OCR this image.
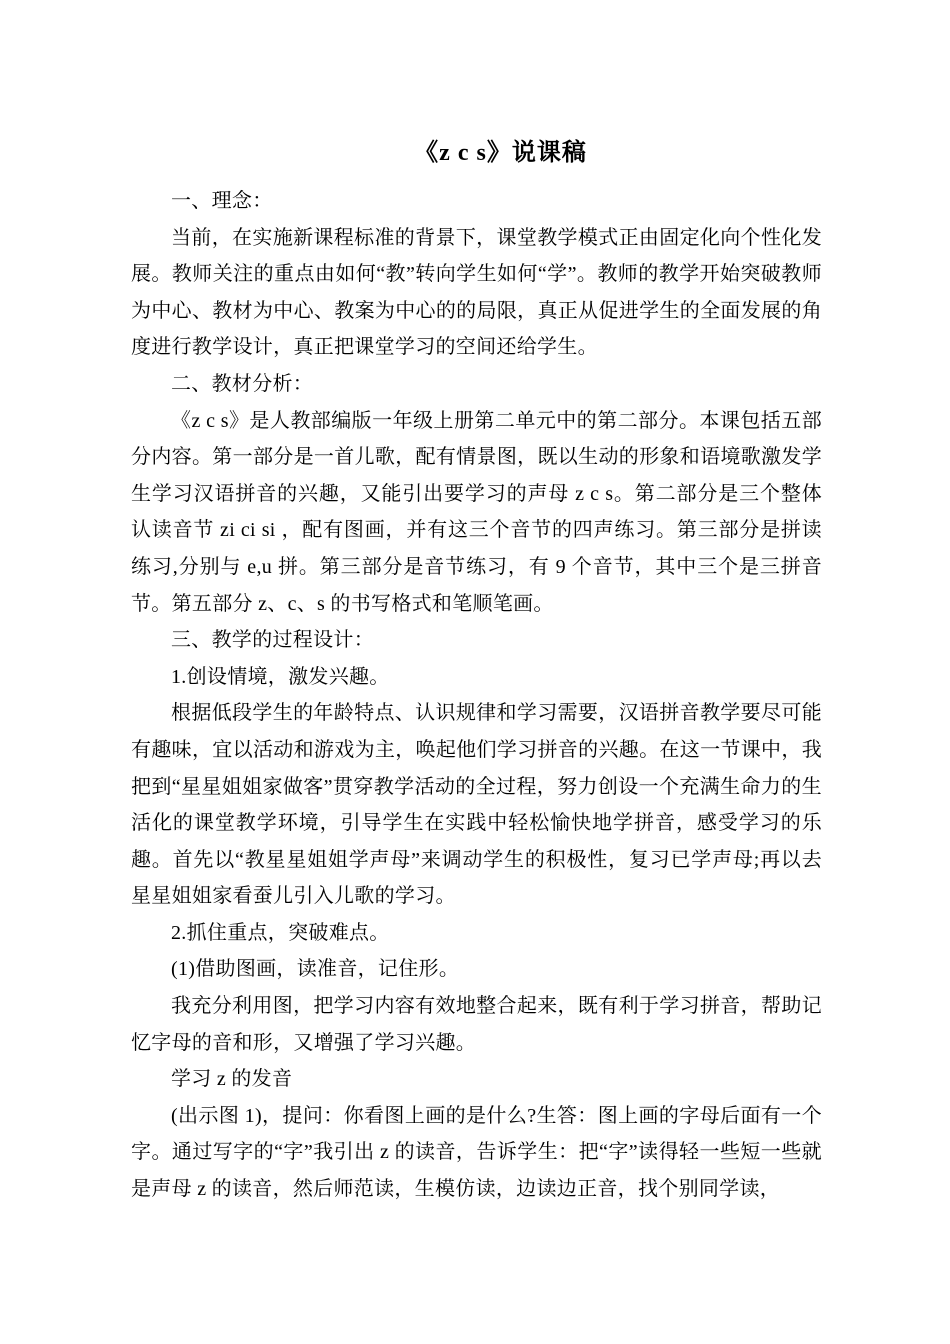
《z c s》说课稿

一、理念：

当前，在实施新课程标准的背景下，课堂教学模式正由固定化向个性化发展。教师关注的重点由如何“教”转向学生如何“学”。教师的教学开始突破教师为中心、教材为中心、教案为中心的的局限，真正从促进学生的全面发展的角度进行教学设计，真正把课堂学习的空间还给学生。

二、教材分析：

《z c s》是人教部编版一年级上册第二单元中的第二部分。本课包括五部分内容。第一部分是一首儿歌，配有情景图，既以生动的形象和语境歌激发学生学习汉语拼音的兴趣，又能引出要学习的声母 z c s。第二部分是三个整体认读音节 zi ci si ，配有图画，并有这三个音节的四声练习。第三部分是拼读练习,分别与 e,u 拼。第三部分是音节练习，有 9 个音节，其中三个是三拼音节。第五部分 z、c、s 的书写格式和笔顺笔画。

三、教学的过程设计：

1.创设情境，激发兴趣。

根据低段学生的年龄特点、认识规律和学习需要，汉语拼音教学要尽可能有趣味，宜以活动和游戏为主，唤起他们学习拼音的兴趣。在这一节课中，我把到“星星姐姐家做客”贯穿教学活动的全过程，努力创设一个充满生命力的生活化的课堂教学环境，引导学生在实践中轻松愉快地学拼音，感受学习的乐趣。首先以“教星星姐姐学声母”来调动学生的积极性，复习已学声母;再以去星星姐姐家看蚕儿引入儿歌的学习。

2.抓住重点，突破难点。

(1)借助图画，读准音，记住形。

我充分利用图，把学习内容有效地整合起来，既有利于学习拼音，帮助记忆字母的音和形，又增强了学习兴趣。

学习 z 的发音

(出示图 1)，提问：你看图上画的是什么?生答：图上画的字母后面有一个字。通过写字的“字”我引出 z 的读音，告诉学生：把“字”读得轻一些短一些就是声母 z 的读音，然后师范读，生模仿读，边读边正音，找个别同学读，
